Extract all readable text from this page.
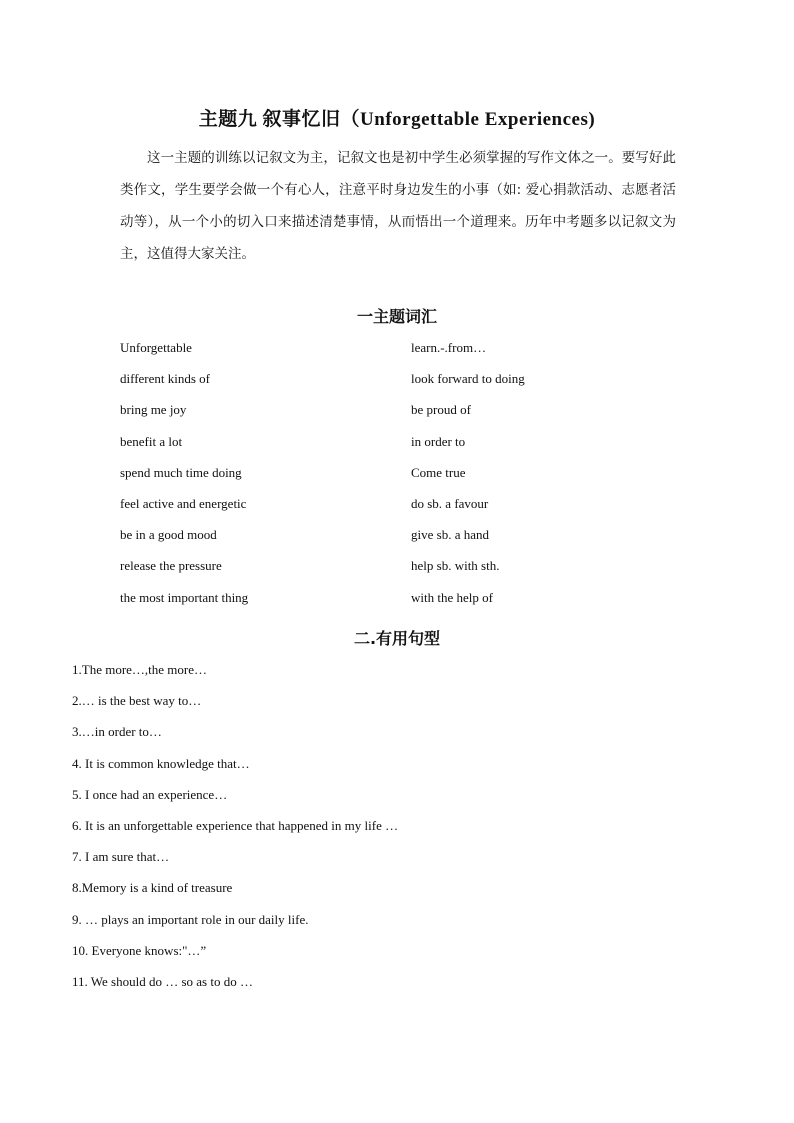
主题九 叙事忆旧（Unforgettable Experiences)
这一主题的训练以记叙文为主，记叙文也是初中学生必须掌握的写作文体之一。要写好此类作文，学生要学会做一个有心人，注意平时身边发生的小事（如: 爱心捐款活动、志愿者活动等），从一个小的切入口来描述清楚事情，从而悟出一个道理来。历年中考题多以记叙文为主，这值得大家关注。
一主题词汇
Unforgettable	learn.-.from…
different kinds of	look forward to doing
bring me joy	be proud of
benefit a lot	in order to
spend much time doing	Come true
feel active and energetic	do sb. a favour
be in a good mood	give sb. a hand
release the pressure	help sb. with sth.
the most important thing	with the help of
二.有用句型
1.The more…,the more…
2.… is the best way to…
3.…in order to…
4. It is common knowledge that…
5. I once had an experience…
6. It is an unforgettable experience that happened in my life …
7. I am sure that…
8.Memory is a kind of treasure
9. … plays an important role in our daily life.
10. Everyone knows:"…”
11. We should do … so as to do …
